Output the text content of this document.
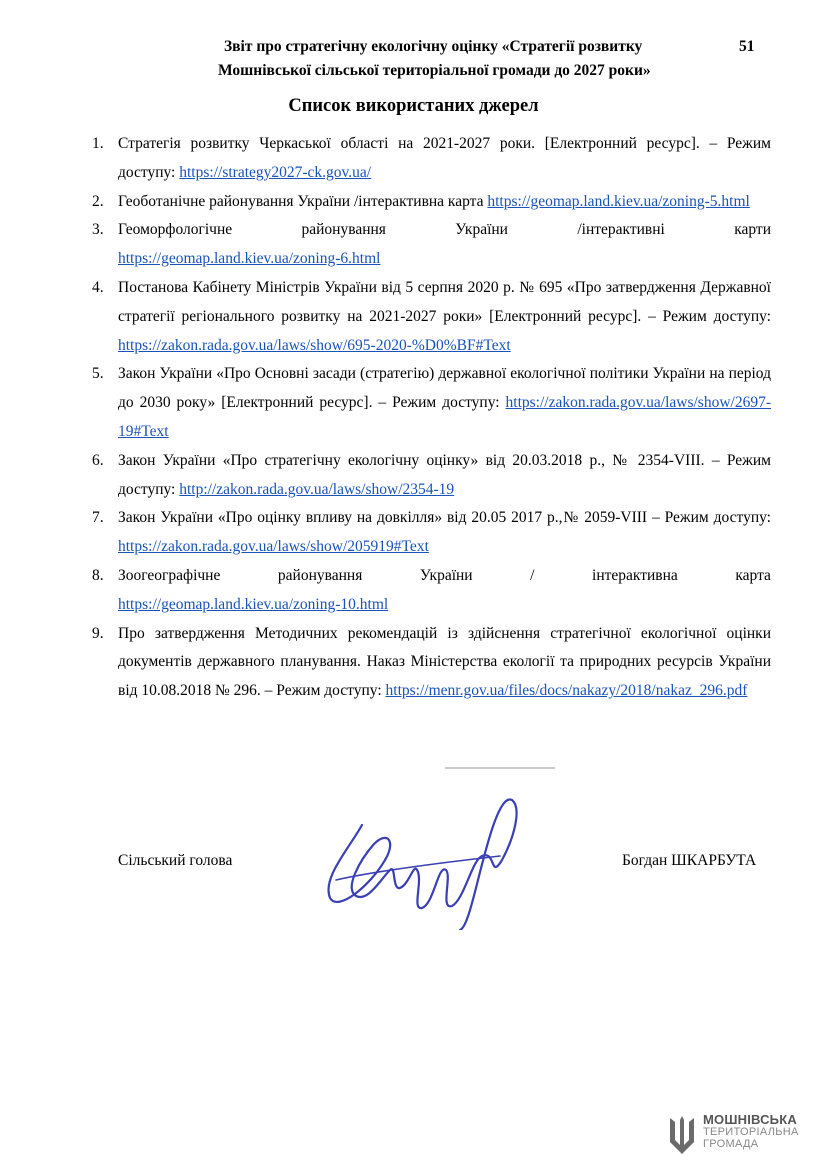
Звіт про стратегічну екологічну оцінку «Стратегії розвитку
Мошнівської сільської територіальної громади до 2027 роки»
51
Список використаних джерел
1. Стратегія розвитку Черкаської області на 2021-2027 роки. [Електронний ресурс]. – Режим доступу: https://strategy2027-ck.gov.ua/
2. Геоботанічне районування України /інтерактивна карта https://geomap.land.kiev.ua/zoning-5.html
3. Геоморфологічне	районування	України	/інтерактивні	карти
https://geomap.land.kiev.ua/zoning-6.html
4. Постанова Кабінету Міністрів України від 5 серпня 2020 р. № 695 «Про затвердження Державної стратегії регіонального розвитку на 2021-2027 роки» [Електронний ресурс]. – Режим доступу: https://zakon.rada.gov.ua/laws/show/695-2020-%D0%BF#Text
5. Закон України «Про Основні засади (стратегію) державної екологічної політики України на період до 2030 року» [Електронний ресурс]. – Режим доступу: https://zakon.rada.gov.ua/laws/show/2697-19#Text
6. Закон України «Про стратегічну екологічну оцінку» від 20.03.2018 р., № 2354-VIII. – Режим доступу: http://zakon.rada.gov.ua/laws/show/2354-19
7. Закон України «Про оцінку впливу на довкілля» від 20.05 2017 р.,№ 2059-VIII – Режим доступу: https://zakon.rada.gov.ua/laws/show/205919#Text
8. Зоогеографічне	районування	України	/	інтерактивна	карта
https://geomap.land.kiev.ua/zoning-10.html
9. Про затвердження Методичних рекомендацій із здійснення стратегічної екологічної оцінки документів державного планування. Наказ Міністерства екології та природних ресурсів України від 10.08.2018 № 296. – Режим доступу: https://menr.gov.ua/files/docs/nakazy/2018/nakaz_296.pdf
Сільський голова	Богдан ШКАРБУТА
МОШНІВСЬКА
ТЕРИТОРІАЛЬНА
ГРОМАДА
